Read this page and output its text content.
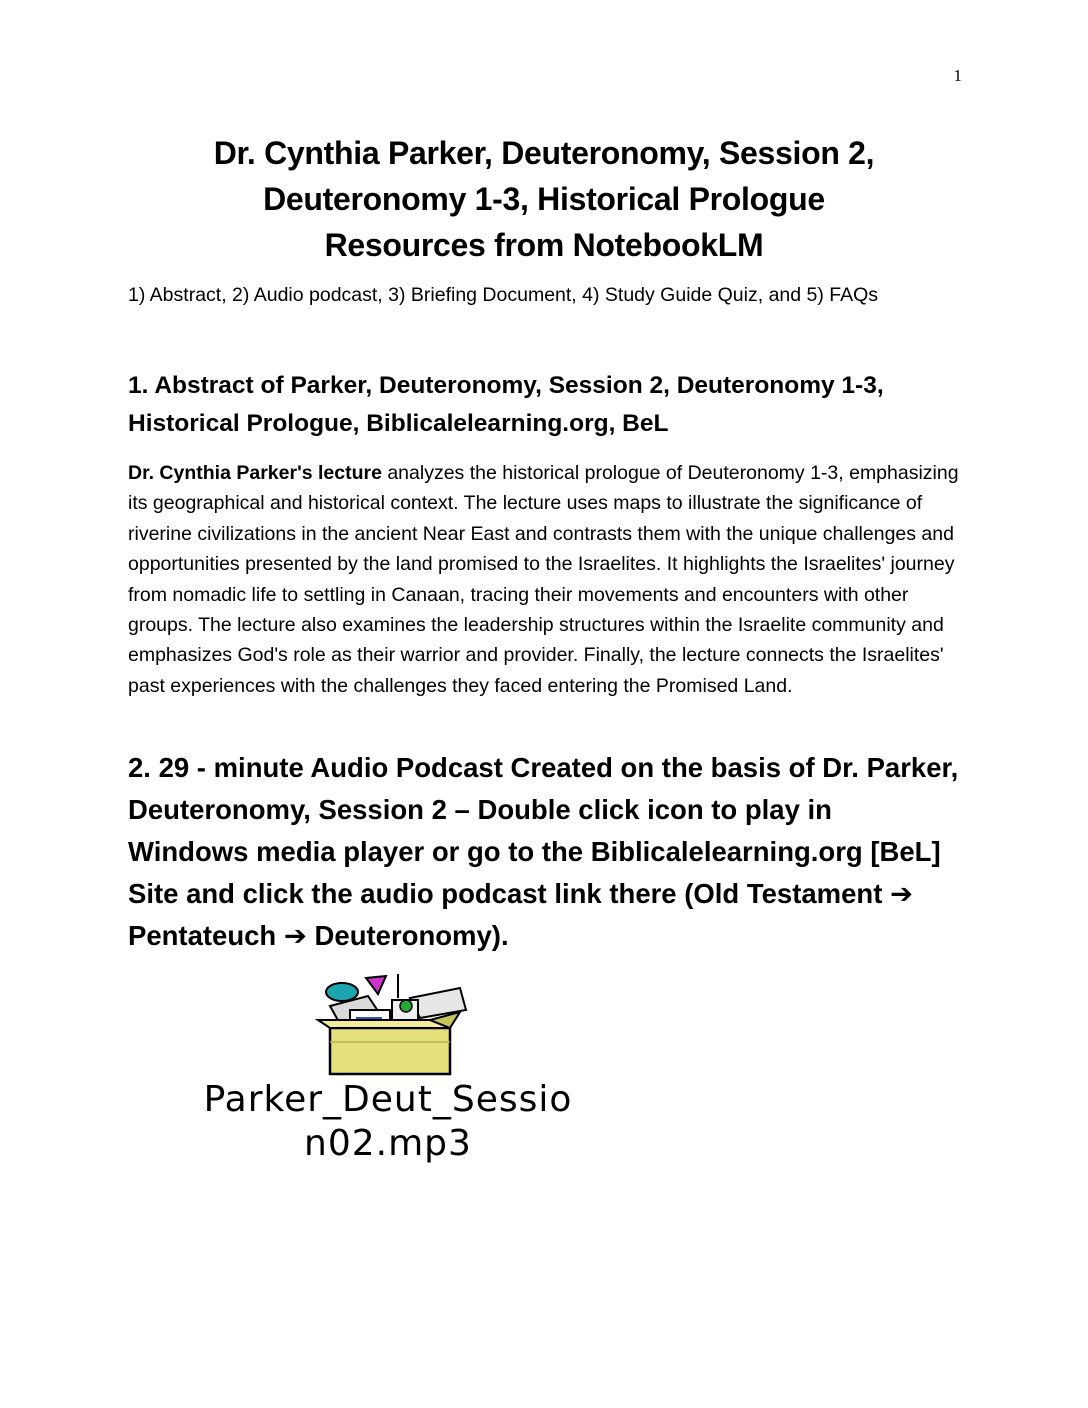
1
Dr. Cynthia Parker, Deuteronomy, Session 2,
Deuteronomy 1-3, Historical Prologue
Resources from NotebookLM
1) Abstract, 2) Audio podcast, 3) Briefing Document, 4) Study Guide Quiz, and 5) FAQs
1. Abstract of Parker, Deuteronomy, Session 2, Deuteronomy 1-3, Historical Prologue, Biblicalelearning.org, BeL
Dr. Cynthia Parker's lecture analyzes the historical prologue of Deuteronomy 1-3, emphasizing its geographical and historical context. The lecture uses maps to illustrate the significance of riverine civilizations in the ancient Near East and contrasts them with the unique challenges and opportunities presented by the land promised to the Israelites. It highlights the Israelites' journey from nomadic life to settling in Canaan, tracing their movements and encounters with other groups. The lecture also examines the leadership structures within the Israelite community and emphasizes God's role as their warrior and provider. Finally, the lecture connects the Israelites' past experiences with the challenges they faced entering the Promised Land.
2. 29 - minute Audio Podcast Created on the basis of Dr. Parker, Deuteronomy, Session 2 – Double click icon to play in Windows media player or go to the Biblicalelearning.org [BeL] Site and click the audio podcast link there (Old Testament ➔ Pentateuch ➔ Deuteronomy).
Parker_Deut_Sessio
n02.mp3
